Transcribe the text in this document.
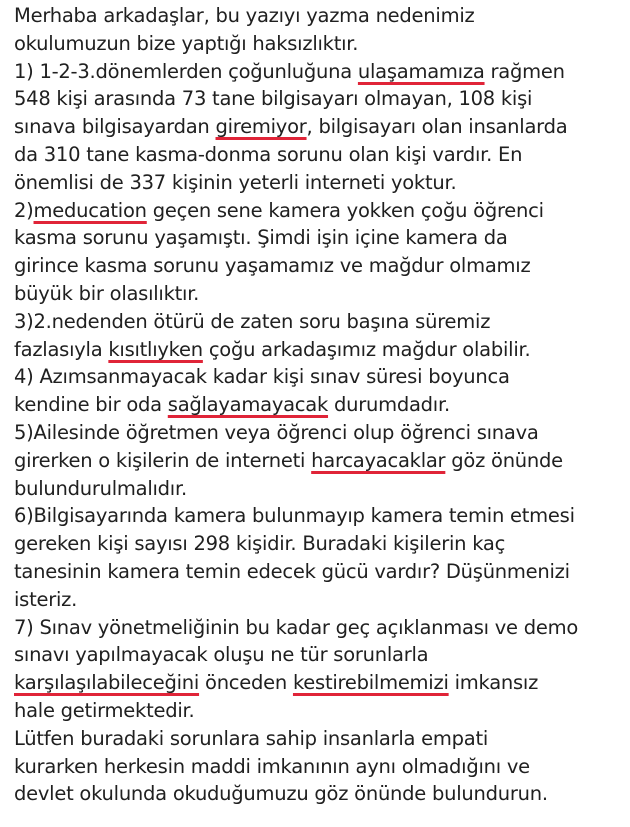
Merhaba arkadaşlar, bu yazıyı yazma nedenimiz
okulumuzun bize yaptığı haksızlıktır.
1) 1-2-3.dönemlerden çoğunluğuna ulaşamamıza rağmen
548 kişi arasında 73 tane bilgisayarı olmayan, 108 kişi
sınava bilgisayardan giremiyor, bilgisayarı olan insanlarda
da 310 tane kasma-donma sorunu olan kişi vardır. En
önemlisi de 337 kişinin yeterli interneti yoktur.
2)meducation geçen sene kamera yokken çoğu öğrenci
kasma sorunu yaşamıştı. Şimdi işin içine kamera da
girince kasma sorunu yaşamamız ve mağdur olmamız
büyük bir olasılıktır.
3)2.nedenden ötürü de zaten soru başına süremiz
fazlasıyla kısıtlıyken çoğu arkadaşımız mağdur olabilir.
4) Azımsanmayacak kadar kişi sınav süresi boyunca
kendine bir oda sağlayamayacak durumdadır.
5)Ailesinde öğretmen veya öğrenci olup öğrenci sınava
girerken o kişilerin de interneti harcayacaklar göz önünde
bulundurulmalıdır.
6)Bilgisayarında kamera bulunmayıp kamera temin etmesi
gereken kişi sayısı 298 kişidir. Buradaki kişilerin kaç
tanesinin kamera temin edecek gücü vardır? Düşünmenizi
isteriz.
7) Sınav yönetmeliğinin bu kadar geç açıklanması ve demo
sınavı yapılmayacak oluşu ne tür sorunlarla
karşılaşılabileceğini önceden kestirebilmemizi imkansız
hale getirmektedir.
Lütfen buradaki sorunlara sahip insanlarla empati
kurarken herkesin maddi imkanının aynı olmadığını ve
devlet okulunda okuduğumuzu göz önünde bulundurun.
